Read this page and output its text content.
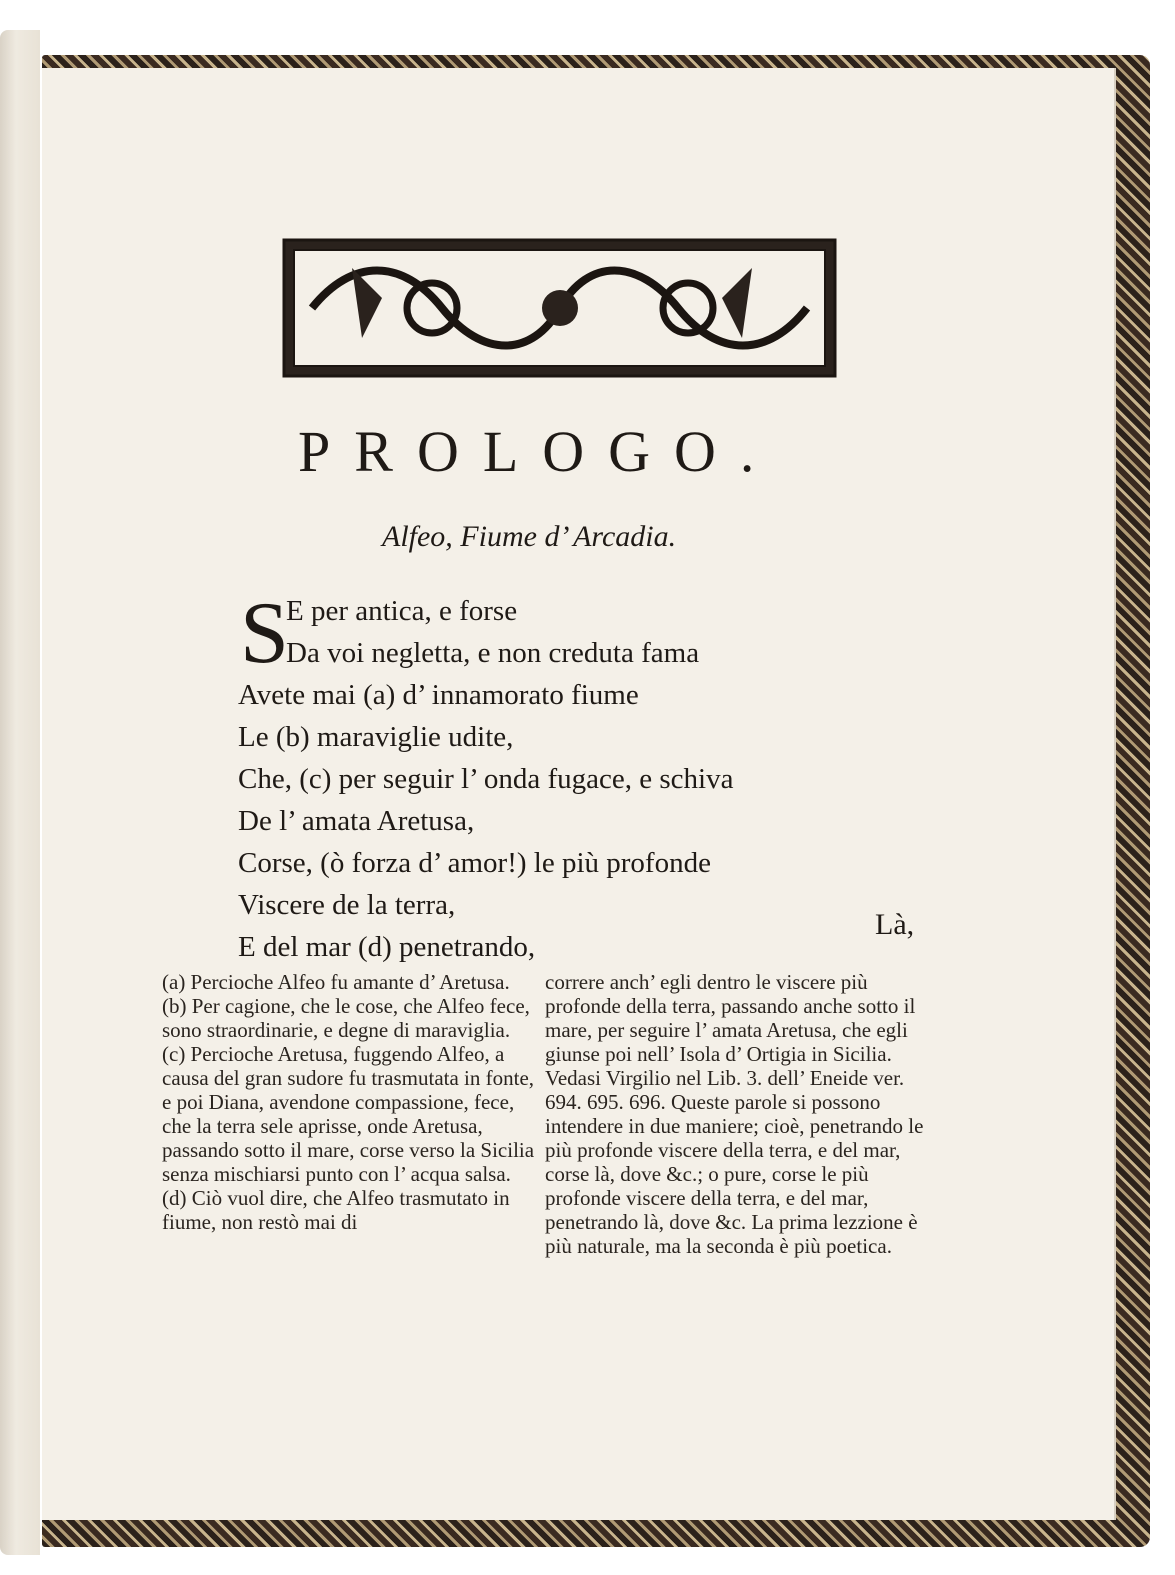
PROLOGO.
Alfeo, Fiume d’ Arcadia.
S
E per antica, e forse
Da voi negletta, e non creduta fama
Avete mai (a) d’ innamorato fiume
Le (b) maraviglie udite,
Che, (c) per seguir l’ onda fugace, e schiva
De l’ amata Aretusa,
Corse, (ò forza d’ amor!) le più profonde
Viscere de la terra,
E del mar (d) penetrando,
Là,

(a) Percioche Alfeo fu amante d’ Aretusa.

(b) Per cagione, che le cose, che Alfeo fece, sono straordinarie, e degne di maraviglia.

(c) Percioche Aretusa, fuggendo Alfeo, a causa del gran sudore fu trasmutata in fonte, e poi Diana, avendone compassione, fece, che la terra sele aprisse, onde Aretusa, passando sotto il mare, corse verso la Sicilia senza mischiarsi punto con l’ acqua salsa.

(d) Ciò vuol dire, che Alfeo trasmutato in fiume, non restò mai di

correre anch’ egli dentro le viscere più profonde della terra, passando anche sotto il mare, per seguire l’ amata Aretusa, che egli giunse poi nell’ Isola d’ Ortigia in Sicilia. Vedasi Virgilio nel Lib. 3. dell’ Eneide ver. 694. 695. 696. Queste parole si possono intendere in due maniere; cioè, penetrando le più profonde viscere della terra, e del mar, corse là, dove &c.; o pure, corse le più profonde viscere della terra, e del mar, penetrando là, dove &c. La prima lezzione è più naturale, ma la seconda è più poetica.
